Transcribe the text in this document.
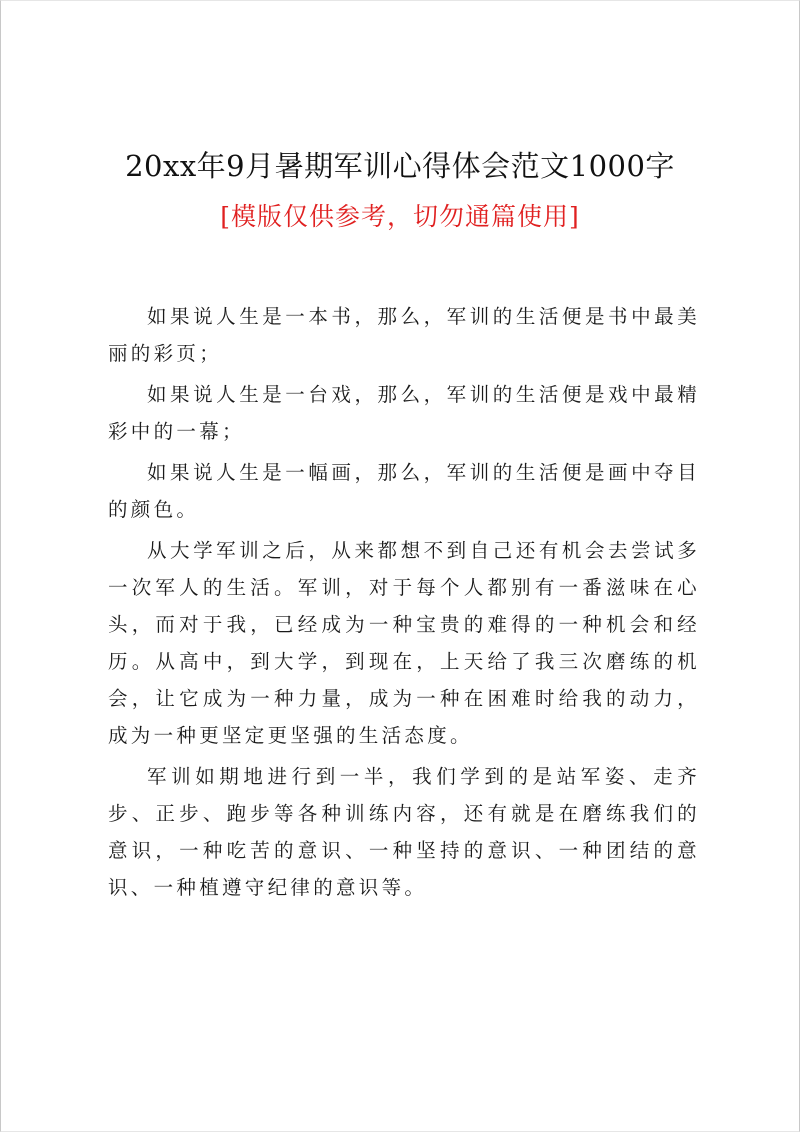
20xx年9月暑期军训心得体会范文1000字
[模版仅供参考，切勿通篇使用]

如果说人生是一本书，那么，军训的生活便是书中最美丽的彩页；

如果说人生是一台戏，那么，军训的生活便是戏中最精彩中的一幕；

如果说人生是一幅画，那么，军训的生活便是画中夺目的颜色。

从大学军训之后，从来都想不到自己还有机会去尝试多一次军人的生活。军训，对于每个人都别有一番滋味在心头，而对于我，已经成为一种宝贵的难得的一种机会和经历。从高中，到大学，到现在，上天给了我三次磨练的机会，让它成为一种力量，成为一种在困难时给我的动力，成为一种更坚定更坚强的生活态度。

军训如期地进行到一半，我们学到的是站军姿、走齐步、正步、跑步等各种训练内容，还有就是在磨练我们的意识，一种吃苦的意识、一种坚持的意识、一种团结的意识、一种植遵守纪律的意识等。
